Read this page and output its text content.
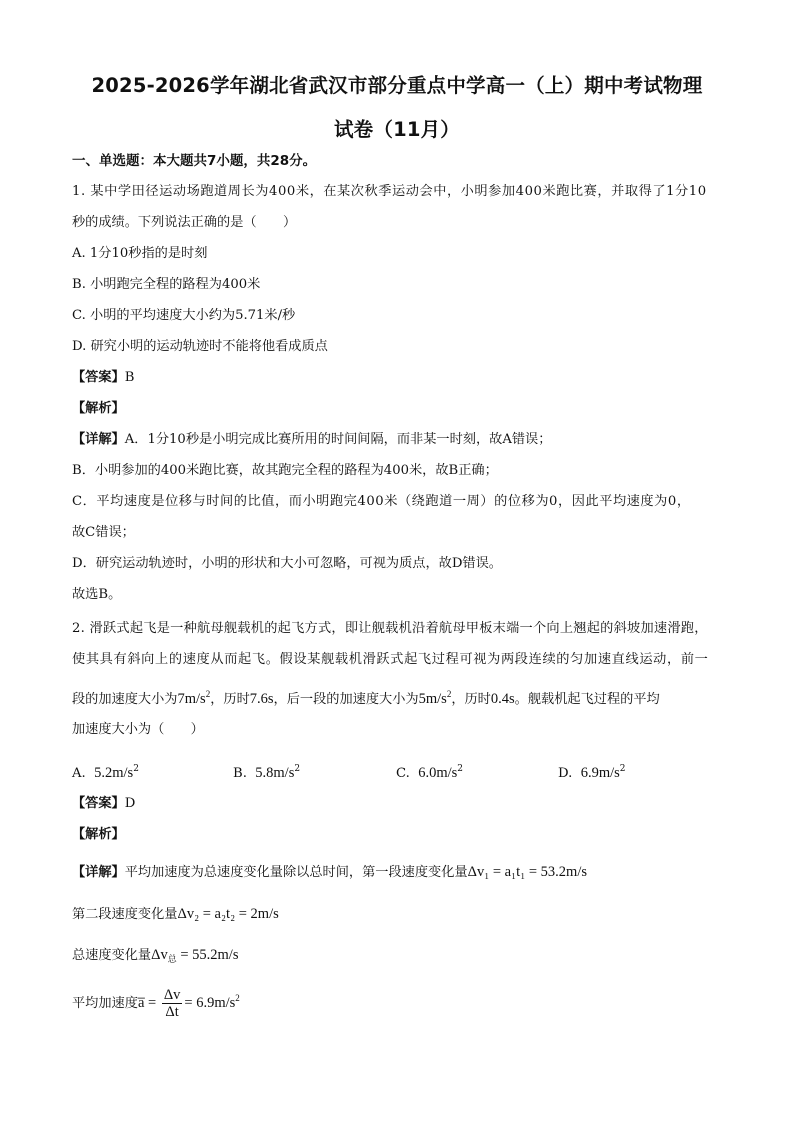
2025-2026学年湖北省武汉市部分重点中学高一（上）期中考试物理
试卷（11月）
一、单选题：本大题共7小题，共28分。
1. 某中学田径运动场跑道周长为400米，在某次秋季运动会中，小明参加400米跑比赛，并取得了1分10
秒的成绩。下列说法正确的是（　　）
A. 1分10秒指的是时刻
B. 小明跑完全程的路程为400米
C. 小明的平均速度大小约为5.71米/秒
D. 研究小明的运动轨迹时不能将他看成质点
【答案】B
【解析】
【详解】A．1分10秒是小明完成比赛所用的时间间隔，而非某一时刻，故A错误；
B．小明参加的400米跑比赛，故其跑完全程的路程为400米，故B正确；
C．平均速度是位移与时间的比值，而小明跑完400米（绕跑道一周）的位移为0，因此平均速度为0，
故C错误；
D．研究运动轨迹时，小明的形状和大小可忽略，可视为质点，故D错误。
故选B。
2. 滑跃式起飞是一种航母舰载机的起飞方式，即让舰载机沿着航母甲板末端一个向上翘起的斜坡加速滑跑，
使其具有斜向上的速度从而起飞。假设某舰载机滑跃式起飞过程可视为两段连续的匀加速直线运动，前一
段的加速度大小为$7m/s^2$，历时7.6s，后一段的加速度大小为$5m/s^2$，历时0.4s。舰载机起飞过程的平均
加速度大小为（　　）
A. $5.2m/s^2$	B. $5.8m/s^2$	C. $6.0m/s^2$	D. $6.9m/s^2$
【答案】D
【解析】
【详解】平均加速度为总速度变化量除以总时间，第一段速度变化量Δv₁ = a₁t₁ = 53.2m/s
第二段速度变化量Δv₂ = a₂t₂ = 2m/s
总速度变化量$\Delta v_总 = 55.2m/s$
平均加速度a̅ = $\frac{\Delta v}{\Delta t} = 6.9m/s^2$
